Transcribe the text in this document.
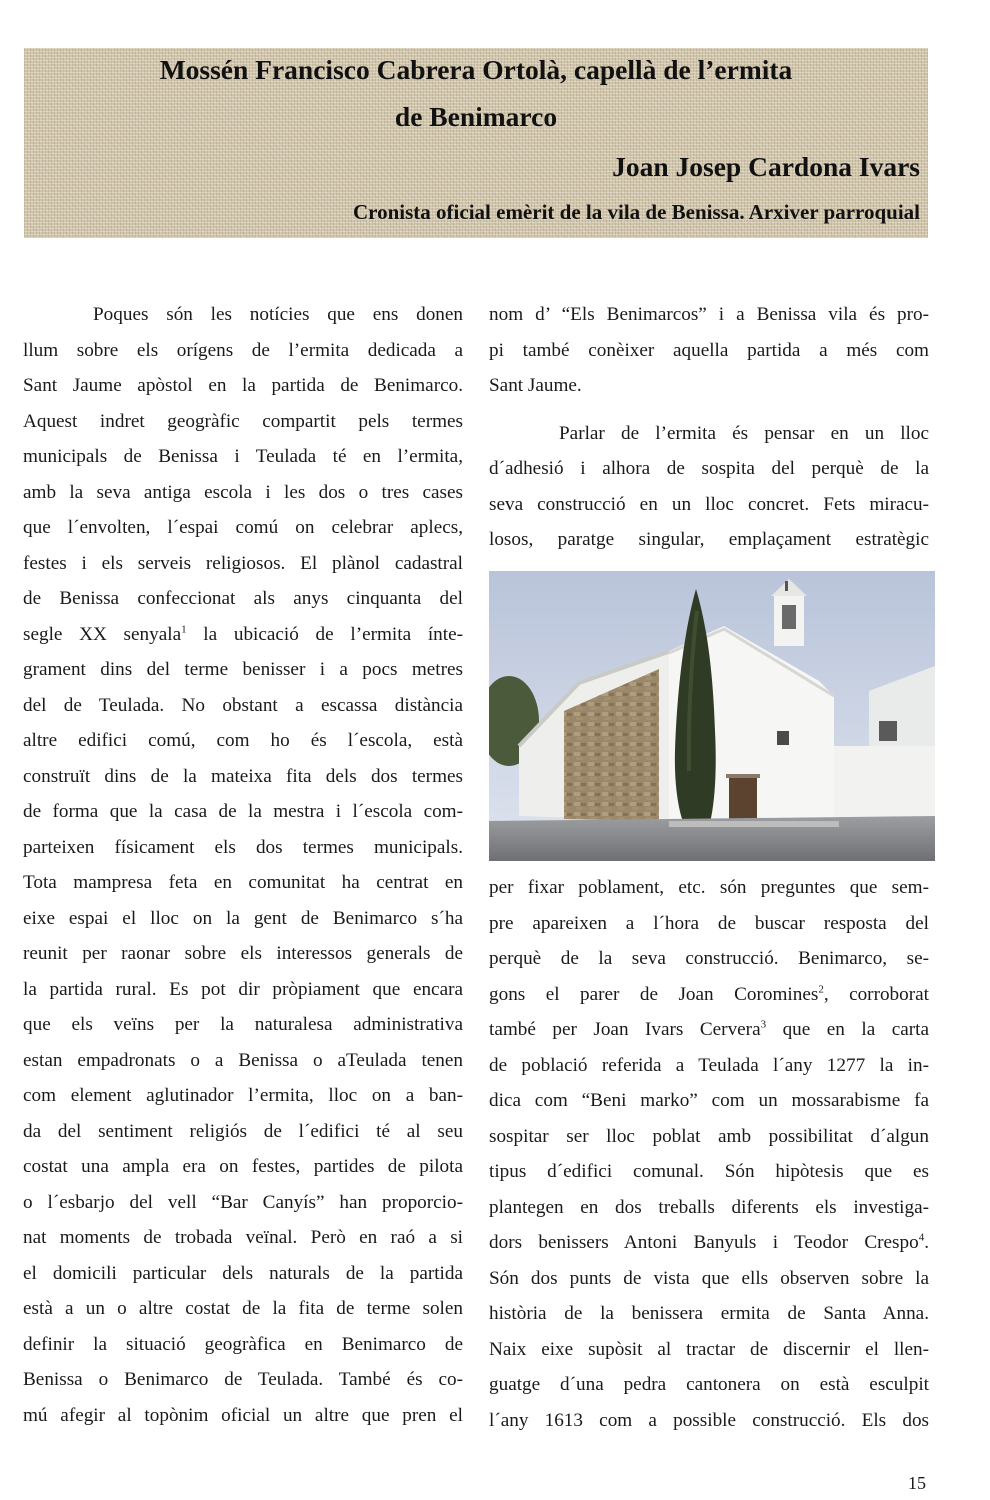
Mossén Francisco Cabrera Ortolà, capellà de l’ermita

de Benimarco

Joan Josep Cardona Ivars

Cronista oficial emèrit de la vila de Benissa. Arxiver parroquial

Poques són les notícies que ens donen
llum sobre els orígens de l’ermita dedicada a
Sant Jaume apòstol en la partida de Benimarco.
Aquest indret geogràfic compartit pels termes
municipals de Benissa i Teulada té en l’ermita,
amb la seva antiga escola i les dos o tres cases
que l´envolten, l´espai comú on celebrar aplecs,
festes i els serveis religiosos. El plànol cadastral
de Benissa confeccionat als anys cinquanta del
segle XX senyala$^1$ la ubicació de l’ermita ínte-
grament dins del terme benisser i a pocs metres
del de Teulada. No obstant a escassa distància
altre edifici comú, com ho és l´escola, està
construït dins de la mateixa fita dels dos termes
de forma que la casa de la mestra i l´escola com-
parteixen físicament els dos termes municipals.
Tota mampresa feta en comunitat ha centrat en
eixe espai el lloc on la gent de Benimarco s´ha
reunit per raonar sobre els interessos generals de
la partida rural. Es pot dir pròpiament que encara
que els veïns per la naturalesa administrativa
estan empadronats o a Benissa o aTeulada tenen
com element aglutinador l’ermita, lloc on a ban-
da del sentiment religiós de l´edifici té al seu
costat una ampla era on festes, partides de pilota
o l´esbarjo del vell “Bar Canyís” han proporcio-
nat moments de trobada veïnal. Però en raó a si
el domicili particular dels naturals de la partida
està a un o altre costat de la fita de terme solen
definir la situació geogràfica en Benimarco de
Benissa o Benimarco de Teulada. També és co-
mú afegir al topònim oficial un altre que pren el
nom d’ “Els Benimarcos” i a Benissa vila és pro-
pi també conèixer aquella partida a més com
Sant Jaume.
Parlar de l’ermita és pensar en un lloc
d´adhesió i alhora de sospita del perquè de la
seva construcció en un lloc concret. Fets miracu-
losos, paratge singular, emplaçament estratègic
per fixar poblament, etc. són preguntes que sem-
pre apareixen a l´hora de buscar resposta del
perquè de la seva construcció. Benimarco, se-
gons el parer de Joan Coromines$^2$, corroborat
també per Joan Ivars Cervera$^3$ que en la carta
de població referida a Teulada l´any 1277 la in-
dica com “Beni marko” com un mossarabisme fa
sospitar ser lloc poblat amb possibilitat d´algun
tipus d´edifici comunal. Són hipòtesis que es
plantegen en dos treballs diferents els investiga-
dors benissers Antoni Banyuls i Teodor Crespo$^4$.
Són dos punts de vista que ells observen sobre la
història de la benissera ermita de Santa Anna.
Naix eixe supòsit al tractar de discernir el llen-
guatge d´una pedra cantonera on està esculpit
l´any 1613 com a possible construcció. Els dos
15
